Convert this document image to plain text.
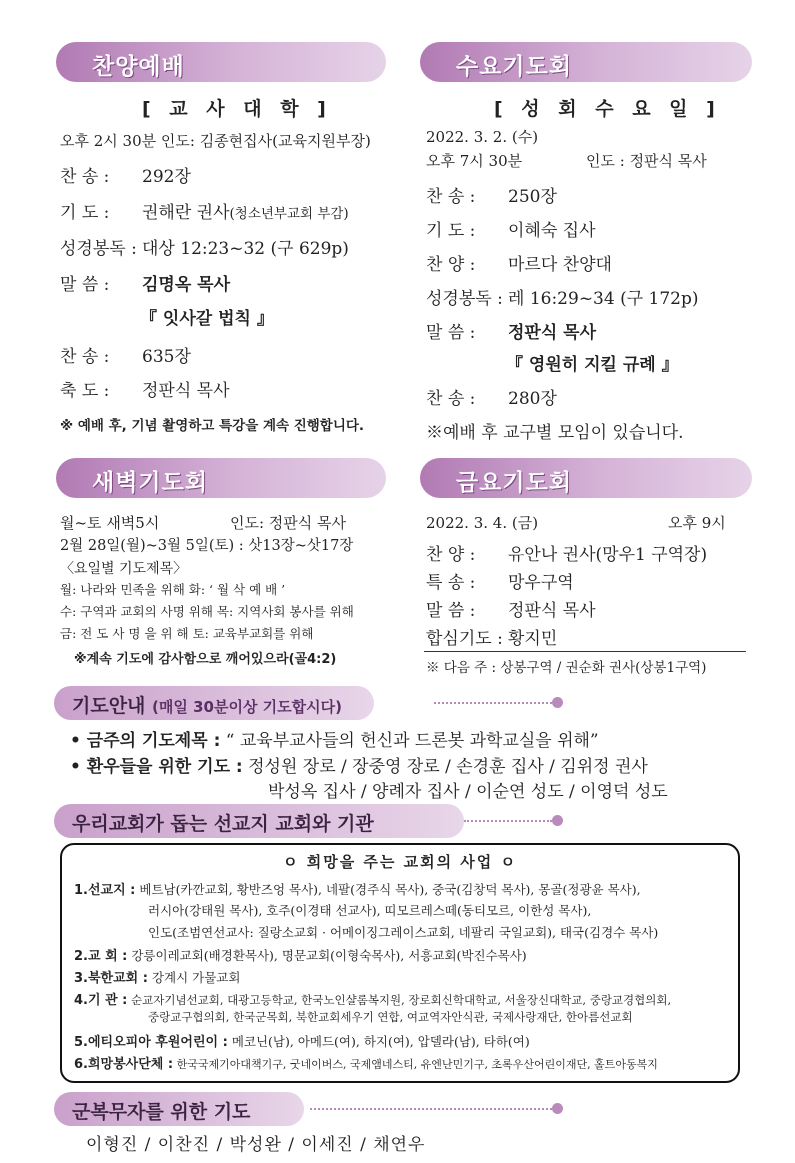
찬양예배
[ 교 사 대 학 ]
오후 2시 30분 인도: 김종현집사(교육지원부장)
찬 송 : 292장
기 도 : 권해란 권사(청소년부교회 부감)
성경봉독 : 대상 12:23~32 (구 629p)
말 씀 : 김명옥 목사
『 잇사갈 법칙 』
찬 송 : 635장
축 도 : 정판식 목사
※ 예배 후, 기념 촬영하고 특강을 계속 진행합니다.
수요기도회
[ 성 회 수 요 일 ]
2022. 3. 2. (수)
오후 7시 30분	인도 : 정판식 목사
찬 송 : 250장
기 도 : 이혜숙 집사
찬 양 : 마르다 찬양대
성경봉독 : 레 16:29~34 (구 172p)
말 씀 : 정판식 목사
『 영원히 지킬 규례 』
찬 송 : 280장
※예배 후 교구별 모임이 있습니다.
새벽기도회
월~토 새벽5시	인도: 정판식 목사
2월 28일(월)~3월 5일(토) : 삿13장~삿17장
〈요일별 기도제목〉
월: 나라와 민족을 위해 화: ‘ 월 삭 예 배 ’
수: 구역과 교회의 사명 위해 목: 지역사회 봉사를 위해
금: 전 도 사 명 을 위 해 토: 교육부교회를 위해
※계속 기도에 감사함으로 깨어있으라(골4:2)
금요기도회
2022. 3. 4. (금)	오후 9시
찬 양 : 유안나 권사(망우1 구역장)
특 송 : 망우구역
말 씀 : 정판식 목사
합심기도 : 황지민
※ 다음 주 : 상봉구역 / 권순화 권사(상봉1구역)
기도안내 (매일 30분이상 기도합시다)
• 금주의 기도제목 : “ 교육부교사들의 헌신과 드론봇 과학교실을 위해”
• 환우들을 위한 기도 : 정성원 장로 / 장중영 장로 / 손경훈 집사 / 김위정 권사
박성옥 집사 / 양례자 집사 / 이순연 성도 / 이영덕 성도
우리교회가 돕는 선교지 교회와 기관
ㅇ 희망을 주는 교회의 사업 ㅇ
1.선교지 : 베트남(카깐교회, 황반즈엉 목사), 네팔(경주식 목사), 중국(김창덕 목사), 몽골(정광윤 목사),
러시아(강태원 목사), 호주(이경태 선교사), 띠모르레스떼(동티모르, 이한성 목사),
인도(조범연선교사: 질랑소교회 · 어메이징그레이스교회, 네팔리 국일교회), 태국(김경수 목사)
2.교 회 : 강릉이레교회(배경환목사), 명문교회(이형숙목사), 서흥교회(박진수목사)
3.북한교회 : 강계시 가물교회
4.기 관 : 순교자기념선교회, 대광고등학교, 한국노인샬롬복지원, 장로회신학대학교, 서울장신대학교, 중랑교경협의회,
중랑교구협의회, 한국군목회, 북한교회세우기 연합, 여교역자안식관, 국제사랑재단, 한아름선교회
5.에티오피아 후원어린이 : 메코닌(남), 아메드(여), 하지(여), 압델라(남), 타하(여)
6.희망봉사단체 : 한국국제기아대책기구, 굿네이버스, 국제앰네스티, 유엔난민기구, 초록우산어린이재단, 홀트아동복지
군복무자를 위한 기도
이형진 / 이찬진 / 박성완 / 이세진 / 채연우
